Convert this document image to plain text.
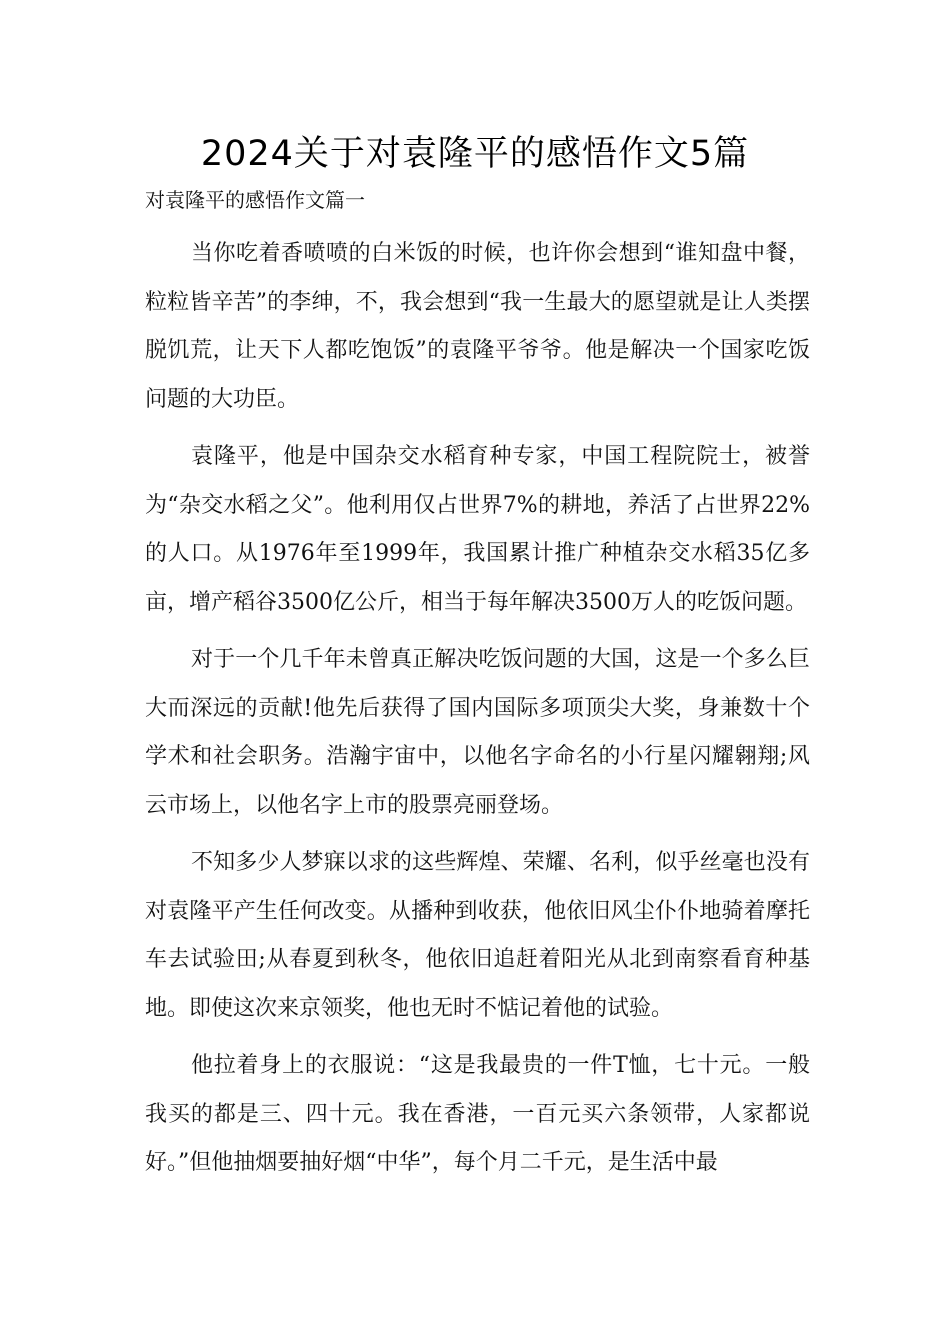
2024关于对袁隆平的感悟作文5篇

对袁隆平的感悟作文篇一

当你吃着香喷喷的白米饭的时候，也许你会想到“谁知盘中餐，粒粒皆辛苦”的李绅，不，我会想到“我一生最大的愿望就是让人类摆脱饥荒，让天下人都吃饱饭”的袁隆平爷爷。他是解决一个国家吃饭问题的大功臣。

袁隆平，他是中国杂交水稻育种专家，中国工程院院士，被誉为“杂交水稻之父”。他利用仅占世界7%的耕地，养活了占世界22%的人口。从1976年至1999年，我国累计推广种植杂交水稻35亿多亩，增产稻谷3500亿公斤，相当于每年解决3500万人的吃饭问题。

对于一个几千年未曾真正解决吃饭问题的大国，这是一个多么巨大而深远的贡献!他先后获得了国内国际多项顶尖大奖，身兼数十个学术和社会职务。浩瀚宇宙中，以他名字命名的小行星闪耀翱翔;风云市场上，以他名字上市的股票亮丽登场。

不知多少人梦寐以求的这些辉煌、荣耀、名利，似乎丝毫也没有对袁隆平产生任何改变。从播种到收获，他依旧风尘仆仆地骑着摩托车去试验田;从春夏到秋冬，他依旧追赶着阳光从北到南察看育种基地。即使这次来京领奖，他也无时不惦记着他的试验。

他拉着身上的衣服说：“这是我最贵的一件T恤，七十元。一般我买的都是三、四十元。我在香港，一百元买六条领带，人家都说好。”但他抽烟要抽好烟“中华”，每个月二千元，是生活中最
